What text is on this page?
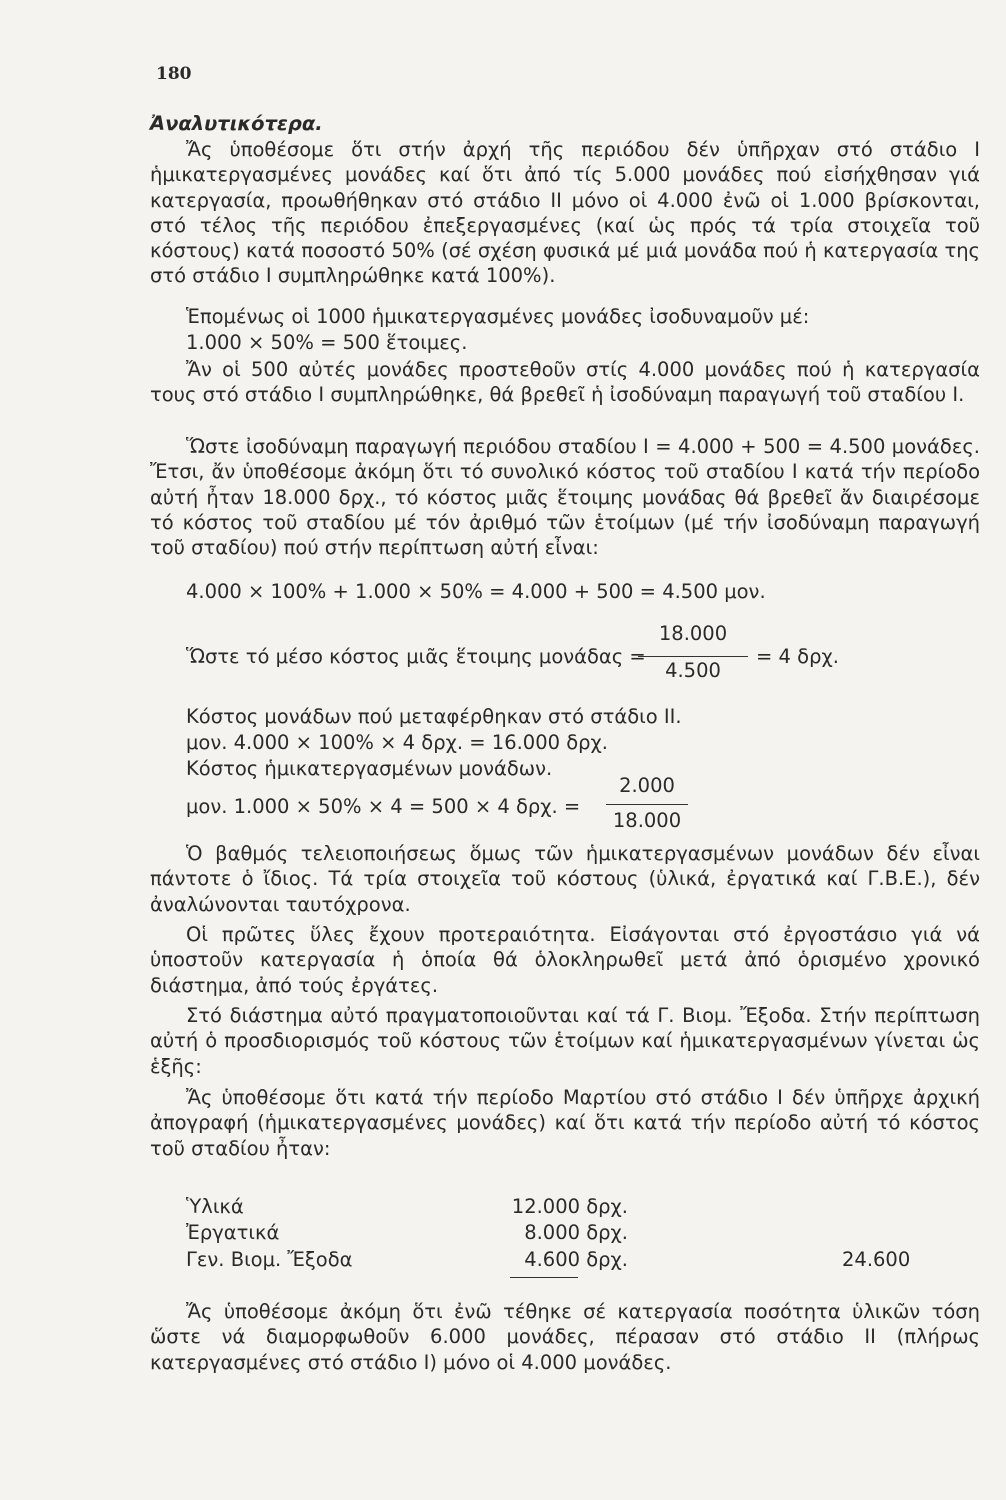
180
Ἀναλυτικότερα.
Ἄς ὑποθέσομε ὅτι στήν ἀρχή τῆς περιόδου δέν ὑπῆρχαν στό στάδιο I ἡμικατεργασμένες μονάδες καί ὅτι ἀπό τίς 5.000 μονάδες πού εἰσήχθησαν γιά κατεργασία, προωθήθηκαν στό στάδιο II μόνο οἱ 4.000 ἐνῶ οἱ 1.000 βρίσκονται, στό τέλος τῆς περιόδου ἐπεξεργασμένες (καί ὡς πρός τά τρία στοιχεῖα τοῦ κόστους) κατά ποσοστό 50% (σέ σχέση φυσικά μέ μιά μονάδα πού ἡ κατεργασία της στό στάδιο I συμπληρώθηκε κατά 100%).
Ἑπομένως οἱ 1000 ἡμικατεργασμένες μονάδες ἰσοδυναμοῦν μέ:
1.000 × 50% = 500 ἕτοιμες.
Ἄν οἱ 500 αὐτές μονάδες προστεθοῦν στίς 4.000 μονάδες πού ἡ κατεργασία τους στό στάδιο I συμπληρώθηκε, θά βρεθεῖ ἡ ἰσοδύναμη παραγωγή τοῦ σταδίου I.
Ὥστε ἰσοδύναμη παραγωγή περιόδου σταδίου I = 4.000 + 500 = 4.500 μονάδες. Ἔτσι, ἄν ὑποθέσομε ἀκόμη ὅτι τό συνολικό κόστος τοῦ σταδίου I κατά τήν περίοδο αὐτή ἦταν 18.000 δρχ., τό κόστος μιᾶς ἕτοιμης μονάδας θά βρεθεῖ ἄν διαιρέσομε τό κόστος τοῦ σταδίου μέ τόν ἀριθμό τῶν ἑτοίμων (μέ τήν ἰσοδύναμη παραγωγή τοῦ σταδίου) πού στήν περίπτωση αὐτή εἶναι:
4.000 × 100% + 1.000 × 50% = 4.000 + 500 = 4.500 μον.
Ὥστε τό μέσο κόστος μιᾶς ἕτοιμης μονάδας =
18.000
4.500
= 4 δρχ.
Κόστος μονάδων πού μεταφέρθηκαν στό στάδιο II.
μον. 4.000 × 100% × 4 δρχ. = 16.000 δρχ.
Κόστος ἡμικατεργασμένων μονάδων.
μον. 1.000 × 50% × 4 = 500 × 4 δρχ. =
2.000
18.000
Ὁ βαθμός τελειοποιήσεως ὅμως τῶν ἡμικατεργασμένων μονάδων δέν εἶναι πάντοτε ὁ ἴδιος. Τά τρία στοιχεῖα τοῦ κόστους (ὑλικά, ἐργατικά καί Γ.Β.Ε.), δέν ἀναλώνονται ταυτόχρονα.
Οἱ πρῶτες ὕλες ἔχουν προτεραιότητα. Εἰσάγονται στό ἐργοστάσιο γιά νά ὑποστοῦν κατεργασία ἡ ὁποία θά ὁλοκληρωθεῖ μετά ἀπό ὁρισμένο χρονικό διάστημα, ἀπό τούς ἐργάτες.
Στό διάστημα αὐτό πραγματοποιοῦνται καί τά Γ. Βιομ. Ἔξοδα. Στήν περίπτωση αὐτή ὁ προσδιορισμός τοῦ κόστους τῶν ἑτοίμων καί ἡμικατεργασμένων γίνεται ὡς ἑξῆς:
Ἄς ὑποθέσομε ὅτι κατά τήν περίοδο Μαρτίου στό στάδιο I δέν ὑπῆρχε ἀρχική ἀπογραφή (ἡμικατεργασμένες μονάδες) καί ὅτι κατά τήν περίοδο αὐτή τό κόστος τοῦ σταδίου ἦταν:
Ὑλικά	12.000 δρχ.
Ἐργατικά	8.000 δρχ.
Γεν. Βιομ. Ἔξοδα	4.600 δρχ.	24.600
Ἄς ὑποθέσομε ἀκόμη ὅτι ἐνῶ τέθηκε σέ κατεργασία ποσότητα ὑλικῶν τόση ὥστε νά διαμορφωθοῦν 6.000 μονάδες, πέρασαν στό στάδιο II (πλήρως κατεργασμένες στό στάδιο I) μόνο οἱ 4.000 μονάδες.
